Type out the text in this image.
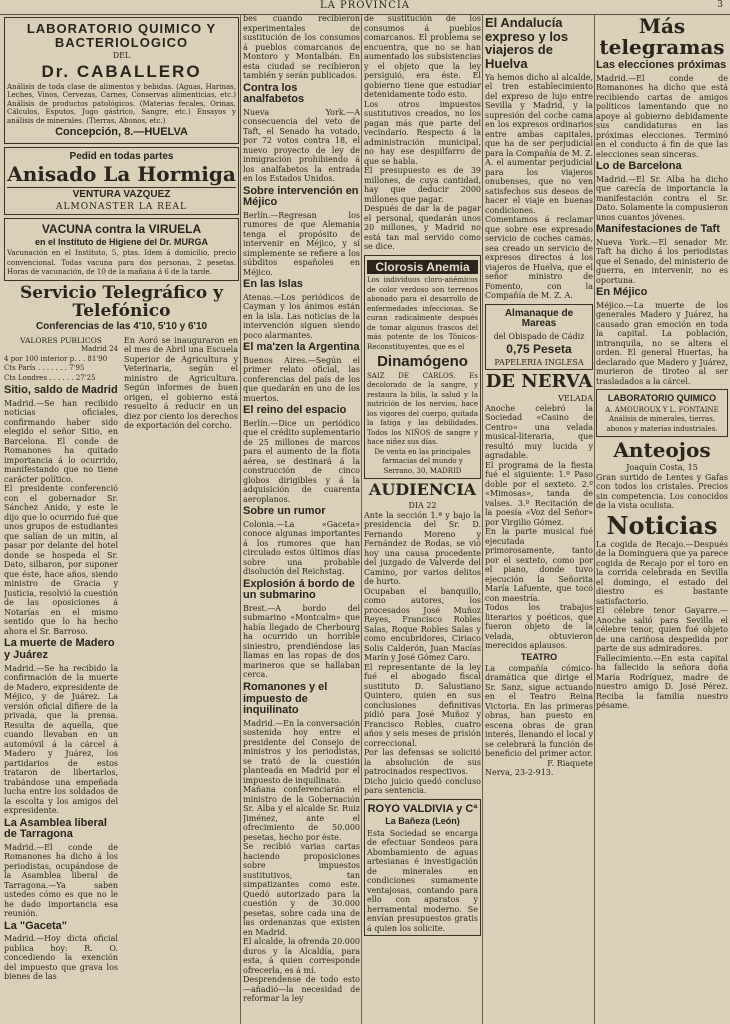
LA PROVINCIA	3
LABORATORIO QUIMICO Y BACTERIOLOGICO
DEL
Dr. CABALLERO

Análisis de toda clase de alimentos y bebidas. (Aguas, Harinas, Leches, Vinos, Cervezas, Carnes, Conservas alimenticias, etc.) Análisis de productos patológicos. (Materias fecales, Orinas, Cálculos, Esputos, Jugo gástrico, Sangre, etc.) Ensayos y análisis de minerales. (Tierras, Abonos, etc.)

Concepción, 8.—HUELVA
Pedid en todas partes
Anisado La Hormiga
VENTURA VAZQUEZ
ALMONASTER LA REAL
VACUNA contra la VIRUELA
en el Instituto de Higiene del Dr. MURGA

Vacunación en el Instituto, 5, ptas. Idem á domicilio, precio convencional. Todas vacuna para dos personas, 2 pesetas. Horas de vacunación, de 10 de la mañana á 6 de la tarde.

Servicio Telegráfico y Telefónico
Conferencias de las 4'10, 5'10 y 6'10
VALORES PUBLICOS
Madrid 24
4 por 100 interior p. . . 81'90
Cts París . . . . . . . 7'95
Cts Londres . . . . . . 27'25
Sitio, saldo de Madrid

Madrid.—Se han recibido noticias oficiales, confirmando haber sido elegido el señor Sitio, en Barcelona. El conde de Romanones ha quitado importancia á lo ocurrido, manifestando que no tiene carácter político.

El presidente conferenció con el gobernador Sr. Sánchez Anido, y este le dijo que lo ocurrido fué que unos grupos de estudiantes que salían de un mitin, al pasar por delante del hotel donde se hospeda el Sr. Dato, silbaron, por suponer que éste, hace años, siendo ministro de Gracia y Justicia, resolvió la cuestión de las oposiciones á Notarías en el mismo sentido que lo ha hecho ahora el Sr. Barroso.

La muerte de Madero y Juárez

Madrid.—Se ha recibido la confirmación de la muerte de Madero, expresidente de Méjico, y de Juárez. La versión oficial difiere de la privada, que la prensa. Resulta de aquella, que cuando llevaban en un automóvil á la cárcel á Madero y Juárez, los partidarios de estos trataron de libertarlos, trabándose una empeñada lucha entre los soldados de la escolta y los amigos del expresidente.

La Asamblea liberal de Tarragona

Madrid.—El conde de Romanones ha dicho á los periodistas, ocupándose de la Asamblea liberal de Tarragona.—Ya saben ustedes cómo es que no le he dado importancia esa reunión.

La "Gaceta"

Madrid.—Hoy dicta oficial publica hoy: R. O. concediendo la exención del impuesto que grava los bienes de las

En Aoró se inauguraron en el mes de Abril una Escuela Superior de Agricultura y Veterinaria, según el ministro de Agricultura. Según informes de buen origen, el gobierno está resuelto á reducir en un diez por ciento los derechos de exportación del corcho.

bes cuando recibieron experimentales de sustitución de los consumos á pueblos comarcanos de Montoro y Montalbán. En esta ciudad se recibieron también y serán publicados.

Contra los analfabetos

Nueva York.—A consecuencia del veto de Taft, el Senado ha votado, por 72 votos contra 18, el nuevo proyecto de ley de inmigración prohibiendo á los analfabetos la entrada en los Estados Unidos.

Sobre intervención en Méjico

Berlín.—Regresan los rumores de que Alemania tenga el propósito de intervenir en Méjico, y sí simplemente se refiere a los súbditos españoles en Méjico.

En las Islas

Atenas.—Los periódicos de Cayman y los ánimos están en la isla. Las noticias de la intervención siguen siendo poco alarmantes.

El ma'zen la Argentina

Buenos Aires.—Según el primer relato oficial, las conferencias del país de los que quedarán en uno de los muertos.

El reino del espacio

Berlín.—Dice un periódico que el crédito suplementario de 25 millones de marcos para el aumento de la flota aérea, se destinará á la construcción de cinco globos dirigibles y á la adquisición de cuarenta aeroplanos.

Sobre un rumor

Colonia.—La «Gaceta» conoce algunas importantes á los rumores que han circulado estos últimos días sobre una probable disolución del Reichstag.

Explosión á bordo de un submarino

Brest.—A bordo del submarino «Montcalm» que había llegado de Cherbourg ha ocurrido un horrible siniestro, prendiéndose las llamas en las ropas de dos marineros que se hallaban cerca.

Romanones y el impuesto de inquilinato

Madrid.—En la conversación sostenida hoy entre el presidente del Consejo de ministros y los periodistas, se trató de la cuestión planteada en Madrid por el impuesto de inquilinato.

Mañana conferenciarán el ministro de la Gobernación Sr. Alba y el alcalde Sr. Ruiz Jiménez, ante el ofrecimiento de 50.000 pesetas, hecho por éste.

Se recibió varias cartas haciendo proposiciones sobre impuestos sustitutivos, tan simpatizantes como este. Quedó autorizado para la cuestión y de 30.000 pesetas, sobre cada una de las ordenanzas que existen en Madrid.

El alcalde, la ofrenda 20.000 duros y la Alcaldía, para esta, á quien corresponde ofrecerla, es á mí.

Desprendense de todo esto—añadió—la necesidad de reformar la ley

de sustitución de los consumos á pueblos comarcanos. El problema se encuentra, que no se han aumentado los subsistencias y el objeto que la ley persiguió, era éste. El gobierno tiene que estudiar detenidamente todo esto.

Los otros impuestos sustitutivos creados, no los pagan más que parte del vecindario. Respecto á la administración municipal, no hay ese despilfarro de que se habla.

El presupuesto es de 39 millones, de cuya cantidad, hay que deducir 2000 millones que pagar.

Después de dar la de pagar el personal, quedarán unos 20 millones, y Madrid no está tan mal servido como se dice.

Clorosis Anemia

Los individuos cloro-anémicos de color verdoso son terrenos abonado para el desarrollo de enfermedades infecciosas. Se curan radicalmente después de tomar algunos frascos del más potente de los Tónicos-Reconstituyentes, que es el

Dinamógeno

SAIZ DE CARLOS. Es decolorado de la sangre, y restaura la bilis, la salud y la nutrición de los nervios, hace los vigores del cuerpo, quitada la fatiga y las debilidades. Todos los NIÑOS de sangre y hace niñez sus días.

De venta en las principales farmacias del mundo y Serrano, 30, MADRID

AUDIENCIA
DIA 22

Ante la sección 1.ª y bajo la presidencia del Sr. D. Fernando Moreno y Fernández de Rodas, se vió hoy una causa procedente del juzgado de Valverde del Camino, por varios delitos de hurto.

Ocupaban el banquillo, como autores, los procesados José Muñoz Reyes, Francisco Robles Salas, Roque Robles Salas y como encubridores, Ciriaco Solis Calderón, Juan Macías Marín y José Gómez Caro.

El representante de la ley fué el abogado fiscal sustituto D. Salustiano Quintero, quien en sus conclusiones definitivas pidió para José Muñoz y Francisco Robles, cuatro años y seis meses de prisión correccional.

Por las defensas se solicitó la absolución de sus patrocinados respectivos.

Dicho juicio quedó concluso para sentencia.

ROYO VALDIVIA y Cª
La Bañeza (León)

Esta Sociedad se encarga de efectuar Sondeos para Abombamiento de aguas artesianas é investigación de minerales en condiciones sumamente ventajosas, contando para ello con aparatos y herramental moderno. Se envían presupuestos gratis á quien los solicite.

El Andalucía expreso y los viajeros de Huelva

Ya hemos dicho al alcalde, el tren establecimiento del expreso de lujo entre Sevilla y Madrid, y la supresión del coche cama en los expresos ordinarios entre ambas capitales, que ha de ser perjudicial para la Compañía de M. Z. A. el aumentar perjudicial para los viajeros onubenses, que no ven satisfechos sus deseos de hacer el viaje en buenas condiciones.

Comentamos á reclamar que sobre ese expresado servicio de coches camas, sea creado un servicio de expresos directos á los viajeros de Huelva, que el señor ministro de Fomento, con la Compañía de M. Z. A.

Almanaque de Mareas
del Obispado de Cádiz
0,75 Peseta
PAPELERIA INGLESA
DE NERVA
VELADA

Anoche celebró la Sociedad «Casino de Centro» una velada musical-literaria, que resultó muy lucida y agradable.

El programa de la fiesta fué el siguiente: 1.º Paso doble por el sexteto. 2.º «Mimosas», tanda de valses. 3.º Recitación de la poesía «Voz del Señor» por Virgilio Gómez.

En la parte musical fué ejecutada primorosamente, tanto por el sexteto, como por el piano, donde tuvo ejecución la Señorita María Lafuente, que tocó con maestría.

Todos los trabajos literarios y poéticos, que fueron objeto de la velada, obtuvieron merecidos aplausos.

TEATRO

La compañía cómico-dramática que dirige el Sr. Sanz, sigue actuando en el Teatro Reina Victoria. En las primeras obras, han puesto en escena obras de gran interés, llenando el local y se celebrará la función de beneficio del primer actor.

F. Riaquete
Nerva, 23-2-913.
Más telegramas
Las elecciones próximas

Madrid.—El conde de Romanones ha dicho que está recibiendo cartas de amigos políticos lamentando que no apoye al gobierno debidamente sus candidaturas en las próximas elecciones. Terminó en el conducto á fin de que las elecciones sean sinceras.

Lo de Barcelona

Madrid.—El Sr. Alba ha dicho que carecía de importancia la manifestación contra el Sr. Dato. Solamente la compusieron unos cuantos jóvenes.

Manifestaciones de Taft

Nueva York.—El senador Mr. Taft ha dicho á los periodistas que el Senado, del ministerio de guerra, en intervenir, no es oportuna.

En Méjico

Méjico.—La muerte de los generales Madero y Juárez, ha causado gran emoción en toda la capital. La población, intranquila, no se altera el orden. El general Huertas, ha declarado que Madero y Juárez, murieron de tiroteo al ser trasladados a la cárcel.

LABORATORIO QUIMICO
A. AMOUROUX Y L. FONTAINE

Análisis de minerales, tierras, abonos y materias industriales.

Anteojos
Joaquín Costa, 15

Gran surtido de Lentes y Gafas con todos los cristales. Precios sin competencia. Los conocidos de la vista oculista.

Noticias

La cogida de Recajo.—Después de la Dominguera que ya parece cogida de Recajo por el toro en la corrida celebrada en Sevilla el domingo, el estado del diestro es bastante satisfactorio.

El célebre tenor Gayarre.—Anoche salió para Sevilla el célebre tenor, quien fué objeto de una cariñosa despedida por parte de sus admiradores.

Fallecimiento.—En esta capital ha fallecido la señora doña María Rodríguez, madre de nuestro amigo D. José Pérez. Reciba la familia nuestro pésame.
